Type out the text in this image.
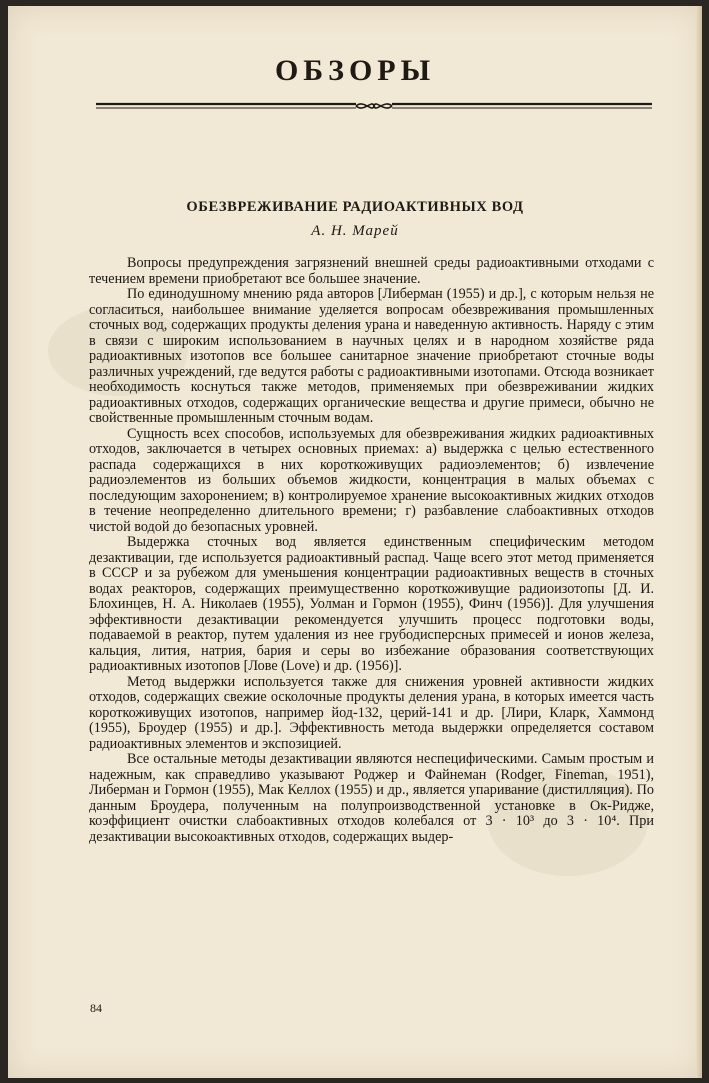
ОБЗОРЫ
ОБЕЗВРЕЖИВАНИЕ РАДИОАКТИВНЫХ ВОД
А. Н. Марей

Вопросы предупреждения загрязнений внешней среды радиоактивными отходами с течением времени приобретают все большее значение.

По единодушному мнению ряда авторов [Либерман (1955) и др.], с которым нельзя не согласиться, наибольшее внимание уделяется вопросам обезвреживания промышленных сточных вод, содержащих продукты деления урана и наведенную активность. Наряду с этим в связи с широким использованием в научных целях и в народном хозяйстве ряда радиоактивных изотопов все большее санитарное значение приобретают сточные воды различных учреждений, где ведутся работы с радиоактивными изотопами. Отсюда возникает необходимость коснуться также методов, применяемых при обезвреживании жидких радиоактивных отходов, содержащих органические вещества и другие примеси, обычно не свойственные промышленным сточным водам.

Сущность всех способов, используемых для обезвреживания жидких радиоактивных отходов, заключается в четырех основных приемах: а) выдержка с целью естественного распада содержащихся в них короткоживущих радиоэлементов; б) извлечение радиоэлементов из больших объемов жидкости, концентрация в малых объемах с последующим захоронением; в) контролируемое хранение высокоактивных жидких отходов в течение неопределенно длительного времени; г) разбавление слабоактивных отходов чистой водой до безопасных уровней.

Выдержка сточных вод является единственным специфическим методом дезактивации, где используется радиоактивный распад. Чаще всего этот метод применяется в СССР и за рубежом для уменьшения концентрации радиоактивных веществ в сточных водах реакторов, содержащих преимущественно короткоживущие радиоизотопы [Д. И. Блохинцев, Н. А. Николаев (1955), Уолман и Гормон (1955), Финч (1956)]. Для улучшения эффективности дезактивации рекомендуется улучшить процесс подготовки воды, подаваемой в реактор, путем удаления из нее грубодисперсных примесей и ионов железа, кальция, лития, натрия, бария и серы во избежание образования соответствующих радиоактивных изотопов [Лове (Love) и др. (1956)].

Метод выдержки используется также для снижения уровней активности жидких отходов, содержащих свежие осколочные продукты деления урана, в которых имеется часть короткоживущих изотопов, например йод-132, церий-141 и др. [Лири, Кларк, Хаммонд (1955), Броудер (1955) и др.]. Эффективность метода выдержки определяется составом радиоактивных элементов и экспозицией.

Все остальные методы дезактивации являются неспецифическими. Самым простым и надежным, как справедливо указывают Роджер и Файнеман (Rodger, Fineman, 1951), Либерман и Гормон (1955), Мак Келлох (1955) и др., является упаривание (дистилляция). По данным Броудера, полученным на полупроизводственной установке в Ок-Ридже, коэффициент очистки слабоактивных отходов колебался от 3 · 10³ до 3 · 10⁴. При дезактивации высокоактивных отходов, содержащих выдер-

84
